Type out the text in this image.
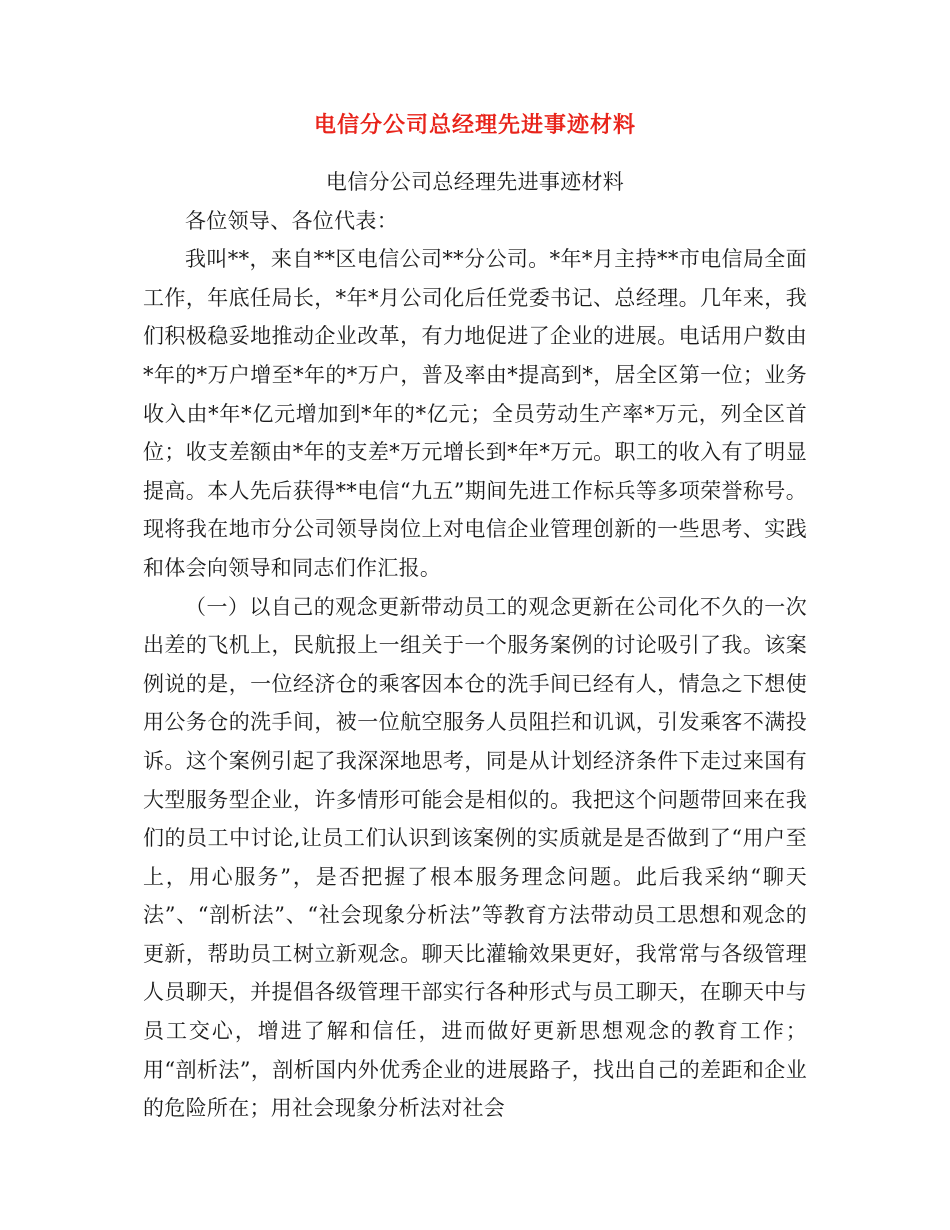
电信分公司总经理先进事迹材料

电信分公司总经理先进事迹材料

各位领导、各位代表：

我叫**，来自**区电信公司**分公司。*年*月主持**市电信局全面工作，年底任局长，*年*月公司化后任党委书记、总经理。几年来，我们积极稳妥地推动企业改革，有力地促进了企业的进展。电话用户数由*年的*万户增至*年的*万户，普及率由*提高到*，居全区第一位；业务收入由*年*亿元增加到*年的*亿元；全员劳动生产率*万元，列全区首位；收支差额由*年的支差*万元增长到*年*万元。职工的收入有了明显提高。本人先后获得**电信“九五”期间先进工作标兵等多项荣誉称号。现将我在地市分公司领导岗位上对电信企业管理创新的一些思考、实践和体会向领导和同志们作汇报。

（一）以自己的观念更新带动员工的观念更新在公司化不久的一次出差的飞机上，民航报上一组关于一个服务案例的讨论吸引了我。该案例说的是，一位经济仓的乘客因本仓的洗手间已经有人，情急之下想使用公务仓的洗手间，被一位航空服务人员阻拦和讥讽，引发乘客不满投诉。这个案例引起了我深深地思考，同是从计划经济条件下走过来国有大型服务型企业，许多情形可能会是相似的。我把这个问题带回来在我们的员工中讨论,让员工们认识到该案例的实质就是是否做到了“用户至上，用心服务”，是否把握了根本服务理念问题。此后我采纳“聊天法”、“剖析法”、“社会现象分析法”等教育方法带动员工思想和观念的更新，帮助员工树立新观念。聊天比灌输效果更好，我常常与各级管理人员聊天，并提倡各级管理干部实行各种形式与员工聊天，在聊天中与员工交心，增进了解和信任，进而做好更新思想观念的教育工作；用“剖析法”，剖析国内外优秀企业的进展路子，找出自己的差距和企业的危险所在；用社会现象分析法对社会
